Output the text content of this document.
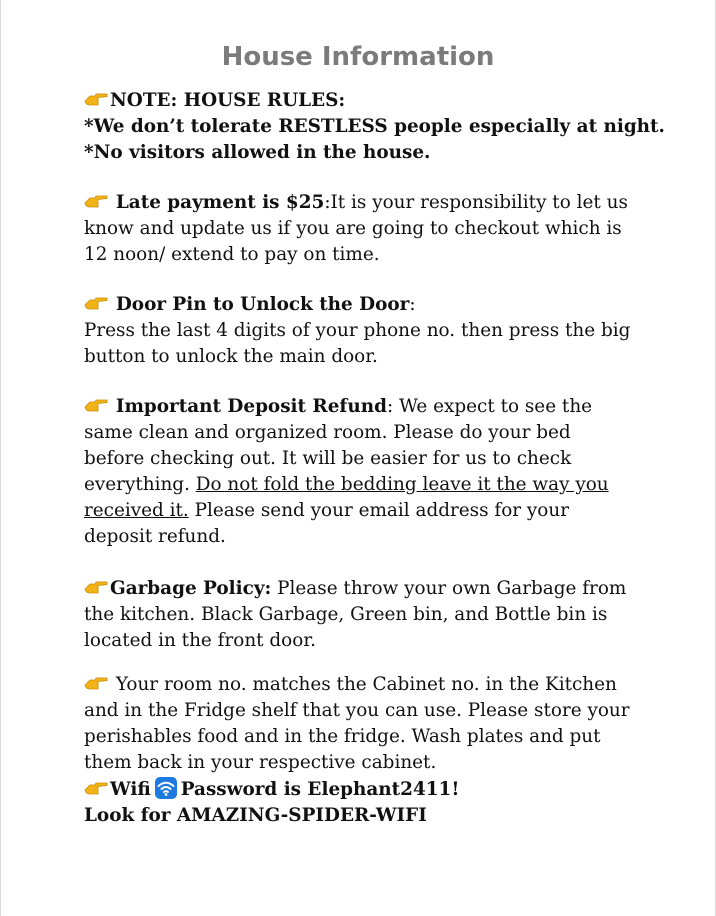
House Information
NOTE: HOUSE RULES:
*We don’t tolerate RESTLESS people especially at night.
*No visitors allowed in the house.
Late payment is $25:It is your responsibility to let us
know and update us if you are going to checkout which is
12 noon/ extend to pay on time.
Door Pin to Unlock the Door:
Press the last 4 digits of your phone no. then press the big
button to unlock the main door.
Important Deposit Refund: We expect to see the
same clean and organized room. Please do your bed
before checking out. It will be easier for us to check
everything. Do not fold the bedding leave it the way you
received it. Please send your email address for your
deposit refund.
Garbage Policy: Please throw your own Garbage from
the kitchen. Black Garbage, Green bin, and Bottle bin is
located in the front door.
Your room no. matches the Cabinet no. in the Kitchen
and in the Fridge shelf that you can use. Please store your
perishables food and in the fridge. Wash plates and put
them back in your respective cabinet.
Wifi Password is Elephant2411!
Look for AMAZING-SPIDER-WIFI
